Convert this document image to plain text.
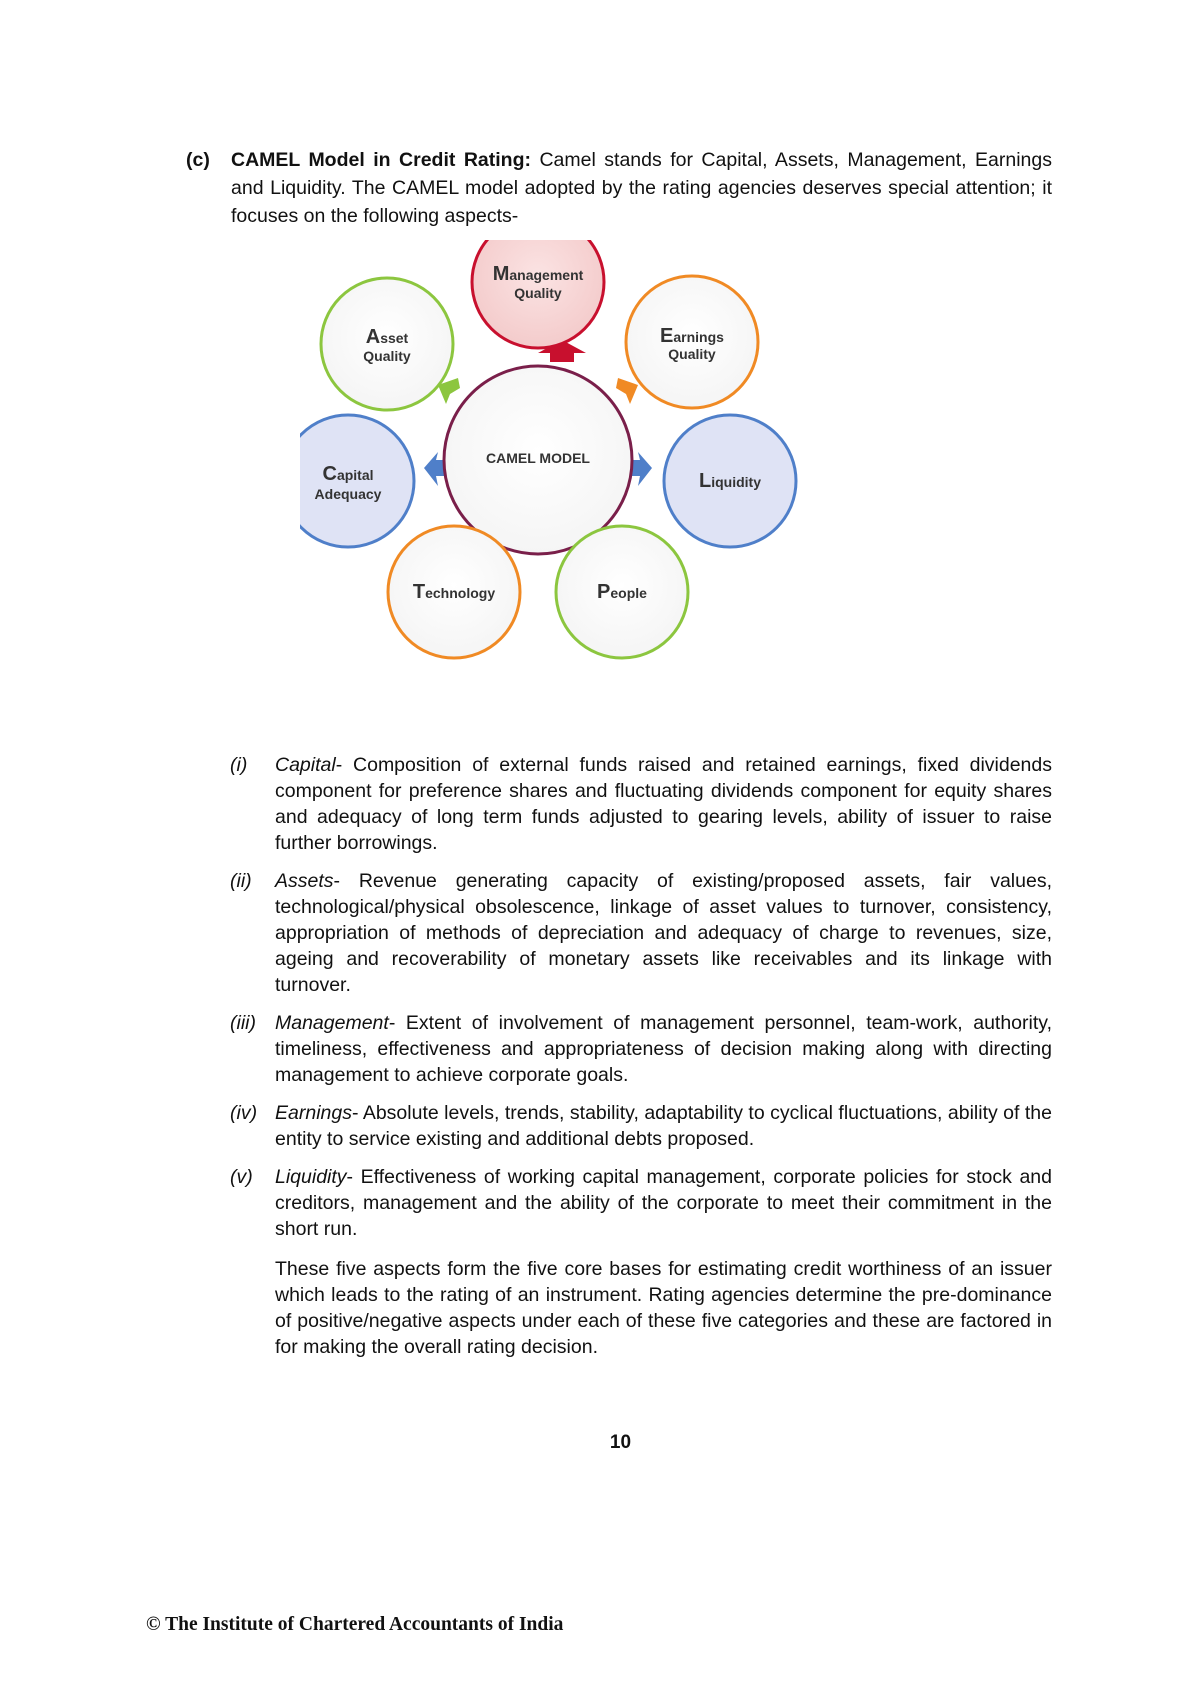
(c) CAMEL Model in Credit Rating: Camel stands for Capital, Assets, Management, Earnings and Liquidity. The CAMEL model adopted by the rating agencies deserves special attention; it focuses on the following aspects-
CAMEL MODEL
Management
Quality
Earnings
Quality
Liquidity
People
Technology
Capital
Adequacy
Asset
Quality
(i) Capital- Composition of external funds raised and retained earnings, fixed dividends component for preference shares and fluctuating dividends component for equity shares and adequacy of long term funds adjusted to gearing levels, ability of issuer to raise further borrowings.
(ii) Assets- Revenue generating capacity of existing/proposed assets, fair values, technological/physical obsolescence, linkage of asset values to turnover, consistency, appropriation of methods of depreciation and adequacy of charge to revenues, size, ageing and recoverability of monetary assets like receivables and its linkage with turnover.
(iii) Management- Extent of involvement of management personnel, team-work, authority, timeliness, effectiveness and appropriateness of decision making along with directing management to achieve corporate goals.
(iv) Earnings- Absolute levels, trends, stability, adaptability to cyclical fluctuations, ability of the entity to service existing and additional debts proposed.
(v) Liquidity- Effectiveness of working capital management, corporate policies for stock and creditors, management and the ability of the corporate to meet their commitment in the short run.
These five aspects form the five core bases for estimating credit worthiness of an issuer which leads to the rating of an instrument. Rating agencies determine the pre-dominance of positive/negative aspects under each of these five categories and these are factored in for making the overall rating decision.
10
© The Institute of Chartered Accountants of India
